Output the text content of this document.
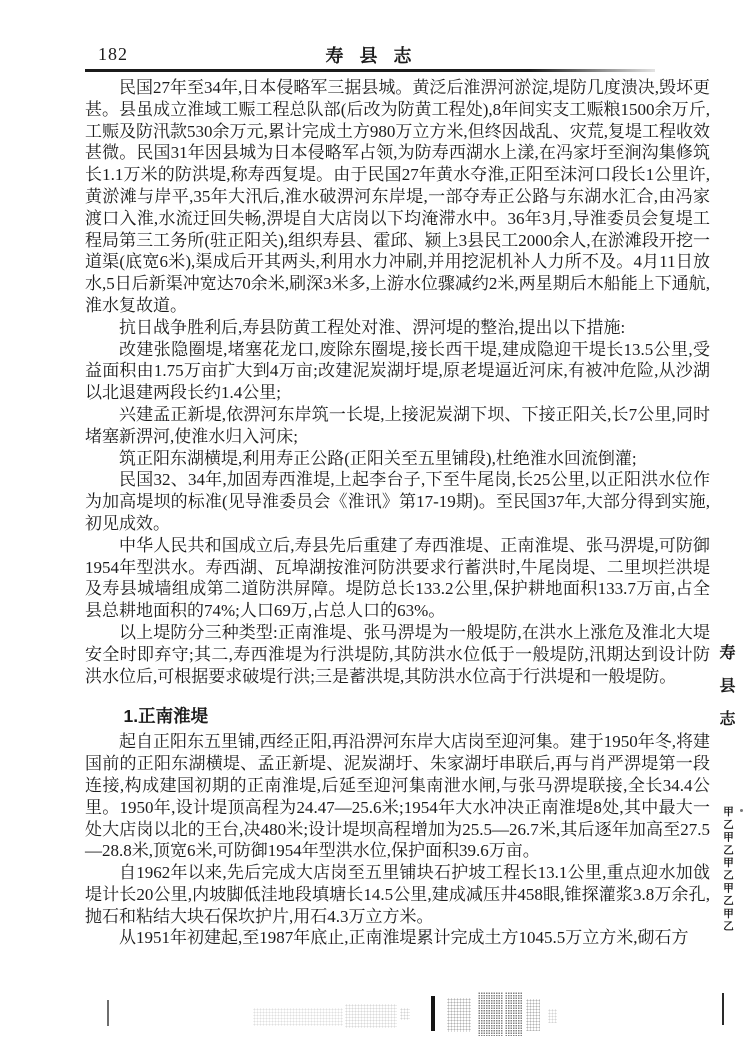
182	寿县志

民国27年至34年,日本侵略军三据县城。黄泛后淮淠河淤淀,堤防几度溃决,毁坏更甚。县虽成立淮域工赈工程总队部(后改为防黄工程处),8年间实支工赈粮1500余万斤,工赈及防汛款530余万元,累计完成土方980万立方米,但终因战乱、灾荒,复堤工程收效甚微。民国31年因县城为日本侵略军占领,为防寿西湖水上漾,在冯家圩至涧沟集修筑长1.1万米的防洪堤,称寿西复堤。由于民国27年黄水夺淮,正阳至沫河口段长1公里许,黄淤滩与岸平,35年大汛后,淮水破淠河东岸堤,一部夺寿正公路与东湖水汇合,由冯家渡口入淮,水流迂回失畅,淠堤自大店岗以下均淹滞水中。36年3月,导淮委员会复堤工程局第三工务所(驻正阳关),组织寿县、霍邱、颍上3县民工2000余人,在淤滩段开挖一道渠(底宽6米),渠成后开其两头,利用水力冲刷,并用挖泥机补人力所不及。4月11日放水,5日后新渠冲宽达70余米,刷深3米多,上游水位骤减约2米,两星期后木船能上下通航,淮水复故道。

抗日战争胜利后,寿县防黄工程处对淮、淠河堤的整治,提出以下措施:

改建张隐圈堤,堵塞花龙口,废除东圈堤,接长西干堤,建成隐迎干堤长13.5公里,受益面积由1.75万亩扩大到4万亩;改建泥炭湖圩堤,原老堤逼近河床,有被冲危险,从沙湖以北退建两段长约1.4公里;

兴建孟正新堤,依淠河东岸筑一长堤,上接泥炭湖下坝、下接正阳关,长7公里,同时堵塞新淠河,使淮水归入河床;

筑正阳东湖横堤,利用寿正公路(正阳关至五里铺段),杜绝淮水回流倒灌;

民国32、34年,加固寿西淮堤,上起李台子,下至牛尾岗,长25公里,以正阳洪水位作为加高堤坝的标准(见导淮委员会《淮讯》第17-19期)。至民国37年,大部分得到实施,初见成效。

中华人民共和国成立后,寿县先后重建了寿西淮堤、正南淮堤、张马淠堤,可防御1954年型洪水。寿西湖、瓦埠湖按淮河防洪要求行蓄洪时,牛尾岗堤、二里坝拦洪堤及寿县城墙组成第二道防洪屏障。堤防总长133.2公里,保护耕地面积133.7万亩,占全县总耕地面积的74%;人口69万,占总人口的63%。

以上堤防分三种类型:正南淮堤、张马淠堤为一般堤防,在洪水上涨危及淮北大堤安全时即弃守;其二,寿西淮堤为行洪堤防,其防洪水位低于一般堤防,汛期达到设计防洪水位后,可根据要求破堤行洪;三是蓄洪堤,其防洪水位高于行洪堤和一般堤防。

1.正南淮堤

起自正阳东五里铺,西经正阳,再沿淠河东岸大店岗至迎河集。建于1950年冬,将建国前的正阳东湖横堤、孟正新堤、泥炭湖圩、朱家湖圩串联后,再与肖严淠堤第一段连接,构成建国初期的正南淮堤,后延至迎河集南泄水闸,与张马淠堤联接,全长34.4公里。1950年,设计堤顶高程为24.47—25.6米;1954年大水冲决正南淮堤8处,其中最大一处大店岗以北的王台,决480米;设计堤坝高程增加为25.5—26.7米,其后逐年加高至27.5—28.8米,顶宽6米,可防御1954年型洪水位,保护面积39.6万亩。

自1962年以来,先后完成大店岗至五里铺块石护坡工程长13.1公里,重点迎水加戗堤计长20公里,内坡脚低洼地段填塘长14.5公里,建成减压井458眼,锥探灌浆3.8万余孔,抛石和粘结大块石保坎护片,用石4.3万立方米。

从1951年初建起,至1987年底止,正南淮堤累计完成土方1045.5万立方米,砌石方

寿县志
甲乙甲乙甲乙甲乙甲乙
